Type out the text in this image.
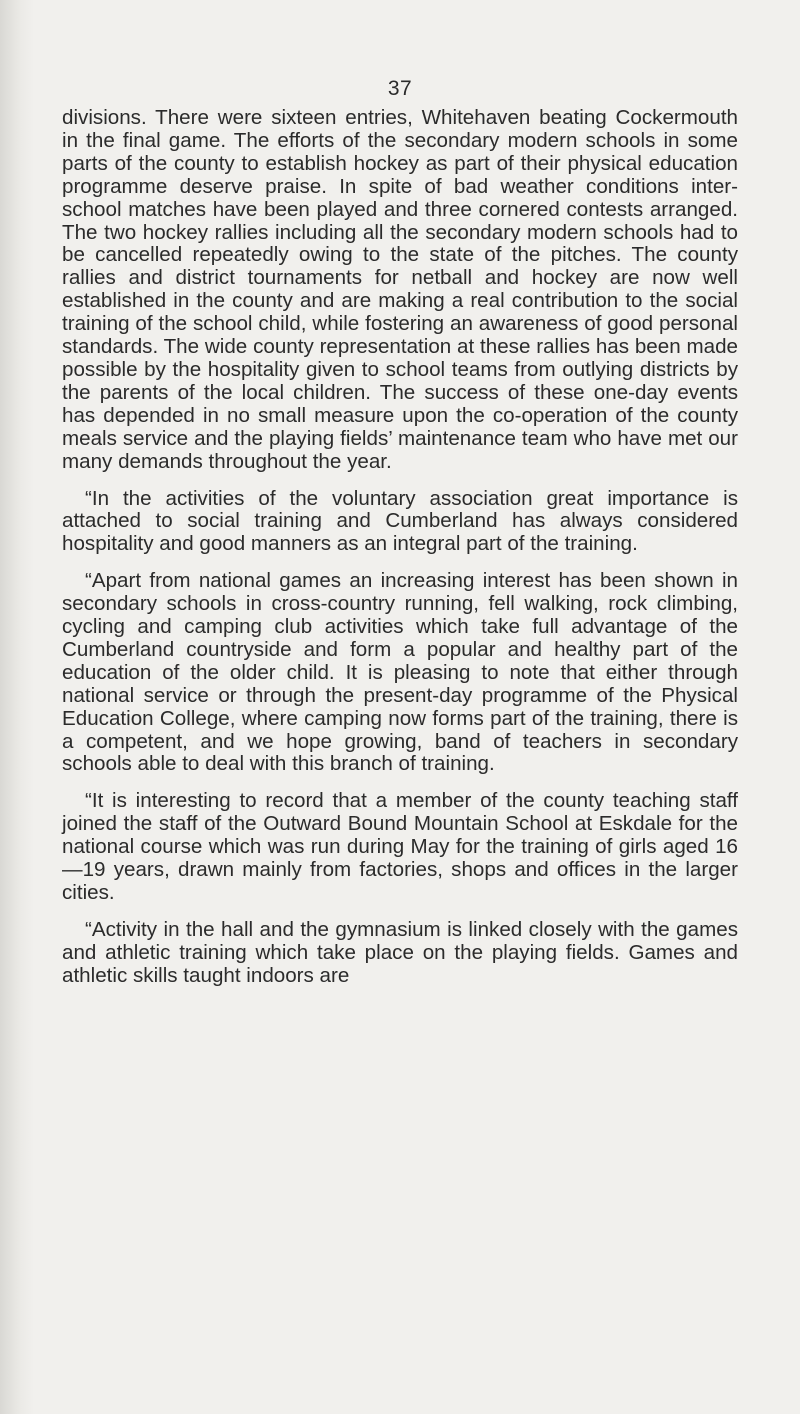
37

divisions. There were sixteen entries, Whitehaven beating Cockermouth in the final game. The efforts of the secondary modern schools in some parts of the county to establish hockey as part of their physical education programme deserve praise. In spite of bad weather conditions inter-school matches have been played and three cornered contests arranged. The two hockey rallies including all the secondary modern schools had to be cancelled repeatedly owing to the state of the pitches. The county rallies and district tournaments for netball and hockey are now well established in the county and are making a real contribution to the social training of the school child, while fostering an awareness of good personal standards. The wide county representation at these rallies has been made possible by the hospitality given to school teams from outlying districts by the parents of the local children. The success of these one-day events has depended in no small measure upon the co-operation of the county meals service and the playing fields’ maintenance team who have met our many demands throughout the year.

“In the activities of the voluntary association great importance is attached to social training and Cumberland has always considered hospitality and good manners as an integral part of the training.

“Apart from national games an increasing interest has been shown in secondary schools in cross-country running, fell walking, rock climbing, cycling and camping club activities which take full advantage of the Cumberland countryside and form a popular and healthy part of the education of the older child. It is pleasing to note that either through national service or through the present-day programme of the Physical Education College, where camping now forms part of the training, there is a competent, and we hope growing, band of teachers in secondary schools able to deal with this branch of training.

“It is interesting to record that a member of the county teaching staff joined the staff of the Outward Bound Mountain School at Eskdale for the national course which was run during May for the training of girls aged 16—19 years, drawn mainly from factories, shops and offices in the larger cities.

“Activity in the hall and the gymnasium is linked closely with the games and athletic training which take place on the playing fields. Games and athletic skills taught indoors are
